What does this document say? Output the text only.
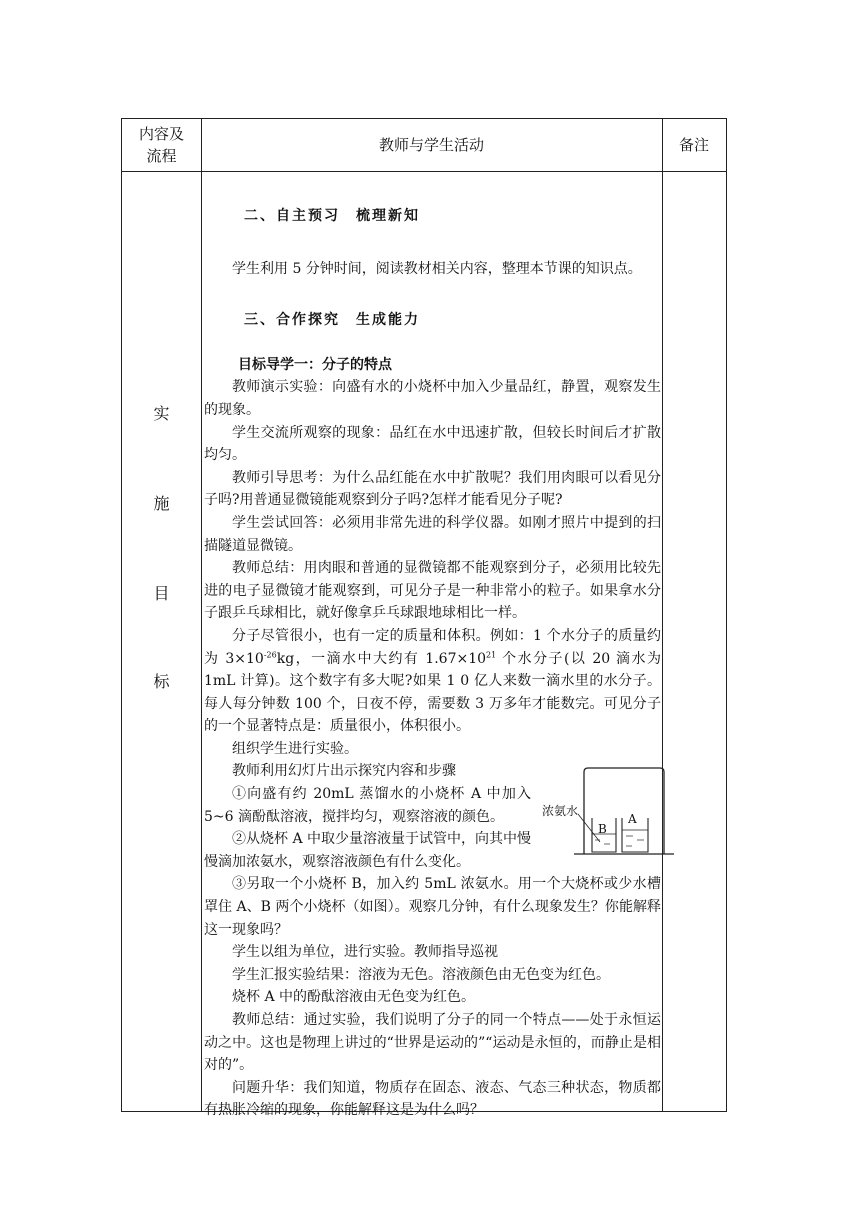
内容及流程
教师与学生活动	备注
实
施
目
标
二、自主预习　梳理新知

学生利用 5 分钟时间，阅读教材相关内容，整理本节课的知识点。

三、合作探究　生成能力
目标导学一：分子的特点

教师演示实验：向盛有水的小烧杯中加入少量品红，静置，观察发生的现象。

学生交流所观察的现象：品红在水中迅速扩散，但较长时间后才扩散均匀。

教师引导思考：为什么品红能在水中扩散呢？我们用肉眼可以看见分子吗?用普通显微镜能观察到分子吗?怎样才能看见分子呢?

学生尝试回答：必须用非常先进的科学仪器。如刚才照片中提到的扫描隧道显微镜。

教师总结：用肉眼和普通的显微镜都不能观察到分子，必须用比较先进的电子显微镜才能观察到，可见分子是一种非常小的粒子。如果拿水分子跟乒乓球相比，就好像拿乒乓球跟地球相比一样。

分子尽管很小，也有一定的质量和体积。例如：1 个水分子的质量约为 $3\times 10^{-26}kg$，一滴水中大约有 $1.67\times 10^{21}$ 个水分子(以 20 滴水为 1mL 计算)。这个数字有多大呢?如果 1 0 亿人来数一滴水里的水分子。每人每分钟数 100 个，日夜不停，需要数 3 万多年才能数完。可见分子的一个显著特点是：质量很小，体积很小。

组织学生进行实验。

教师利用幻灯片出示探究内容和步骤

①向盛有约 20mL 蒸馏水的小烧杯 A 中加入5~6 滴酚酞溶液，搅拌均匀，观察溶液的颜色。

②从烧杯 A 中取少量溶液量于试管中，向其中慢慢滴加浓氨水，观察溶液颜色有什么变化。

③另取一个小烧杯 B，加入约 5mL 浓氨水。用一个大烧杯或少水槽罩住 A、B 两个小烧杯（如图）。观察几分钟，有什么现象发生？你能解释这一现象吗？

学生以组为单位，进行实验。教师指导巡视

学生汇报实验结果：溶液为无色。溶液颜色由无色变为红色。

烧杯 A 中的酚酞溶液由无色变为红色。

教师总结：通过实验，我们说明了分子的同一个特点——处于永恒运动之中。这也是物理上讲过的“世界是运动的”“运动是永恒的，而静止是相对的”。

问题升华：我们知道，物质存在固态、液态、气态三种状态，物质都有热胀冷缩的现象，你能解释这是为什么吗？

浓氨水
B
A
